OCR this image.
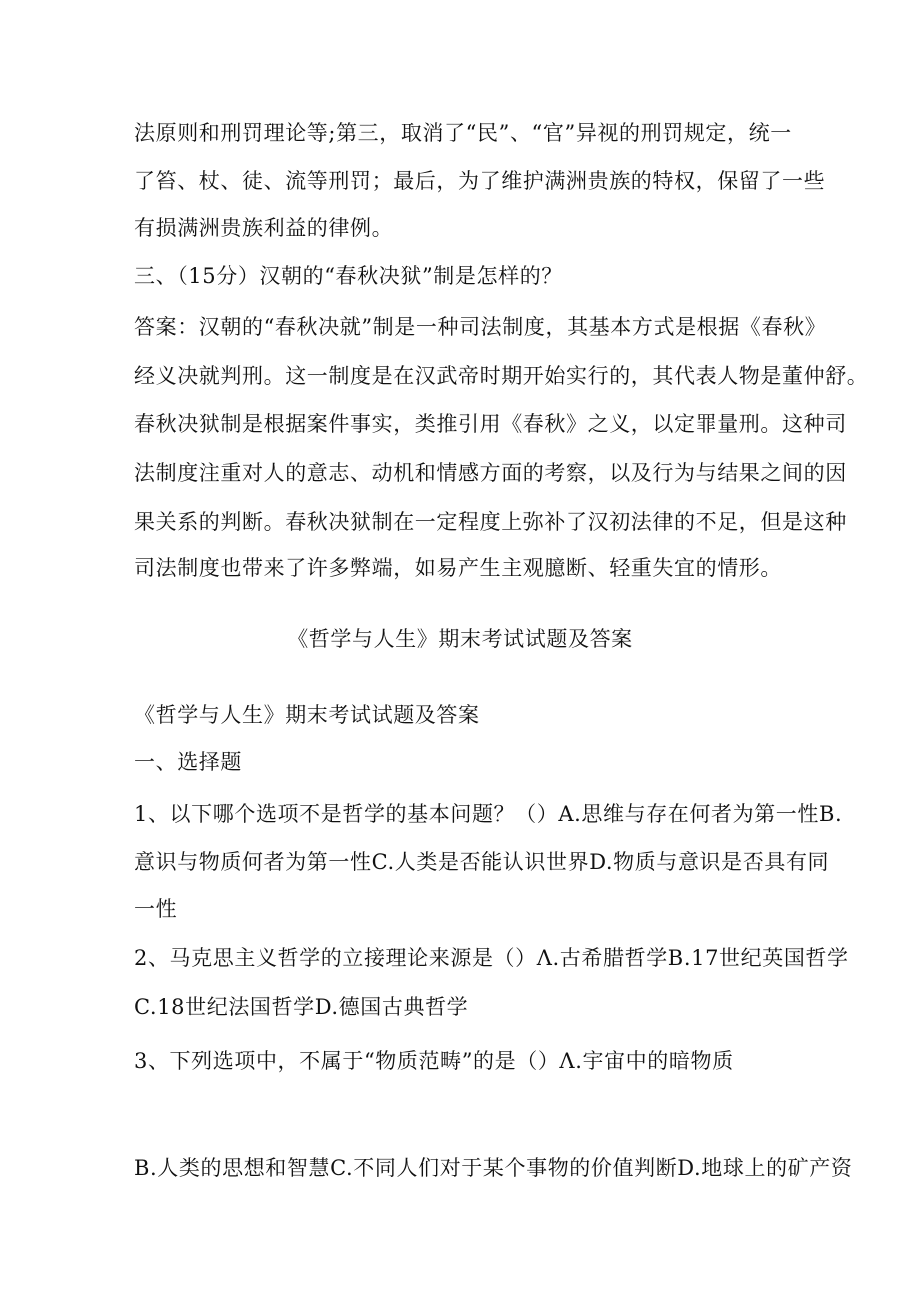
法原则和刑罚理论等;第三，取消了“民”、“官”异视的刑罚规定，统一
了笞、杖、徒、流等刑罚；最后，为了维护满洲贵族的特权，保留了一些
有损满洲贵族利益的律例。
三、（15分）汉朝的“春秋决狱”制是怎样的？
答案：汉朝的“春秋决就”制是一种司法制度，其基本方式是根据《春秋》
经义决就判刑。这一制度是在汉武帝时期开始实行的，其代表人物是董仲舒。
春秋决狱制是根据案件事实，类推引用《春秋》之义，以定罪量刑。这种司
法制度注重对人的意志、动机和情感方面的考察，以及行为与结果之间的因
果关系的判断。春秋决狱制在一定程度上弥补了汉初法律的不足，但是这种
司法制度也带来了许多弊端，如易产生主观臆断、轻重失宜的情形。
《哲学与人生》期末考试试题及答案
《哲学与人生》期末考试试题及答案
一、选择题
1、以下哪个选项不是哲学的基本问题？（）A.思维与存在何者为第一性B.
意识与物质何者为第一性C.人类是否能认识世界D.物质与意识是否具有同
一性
2、马克思主义哲学的立接理论来源是（）Λ.古希腊哲学B.17世纪英国哲学
C.18世纪法国哲学D.德国古典哲学
3、下列选项中，不属于“物质范畴”的是（）Λ.宇宙中的暗物质
B.人类的思想和智慧C.不同人们对于某个事物的价值判断D.地球上的矿产资
